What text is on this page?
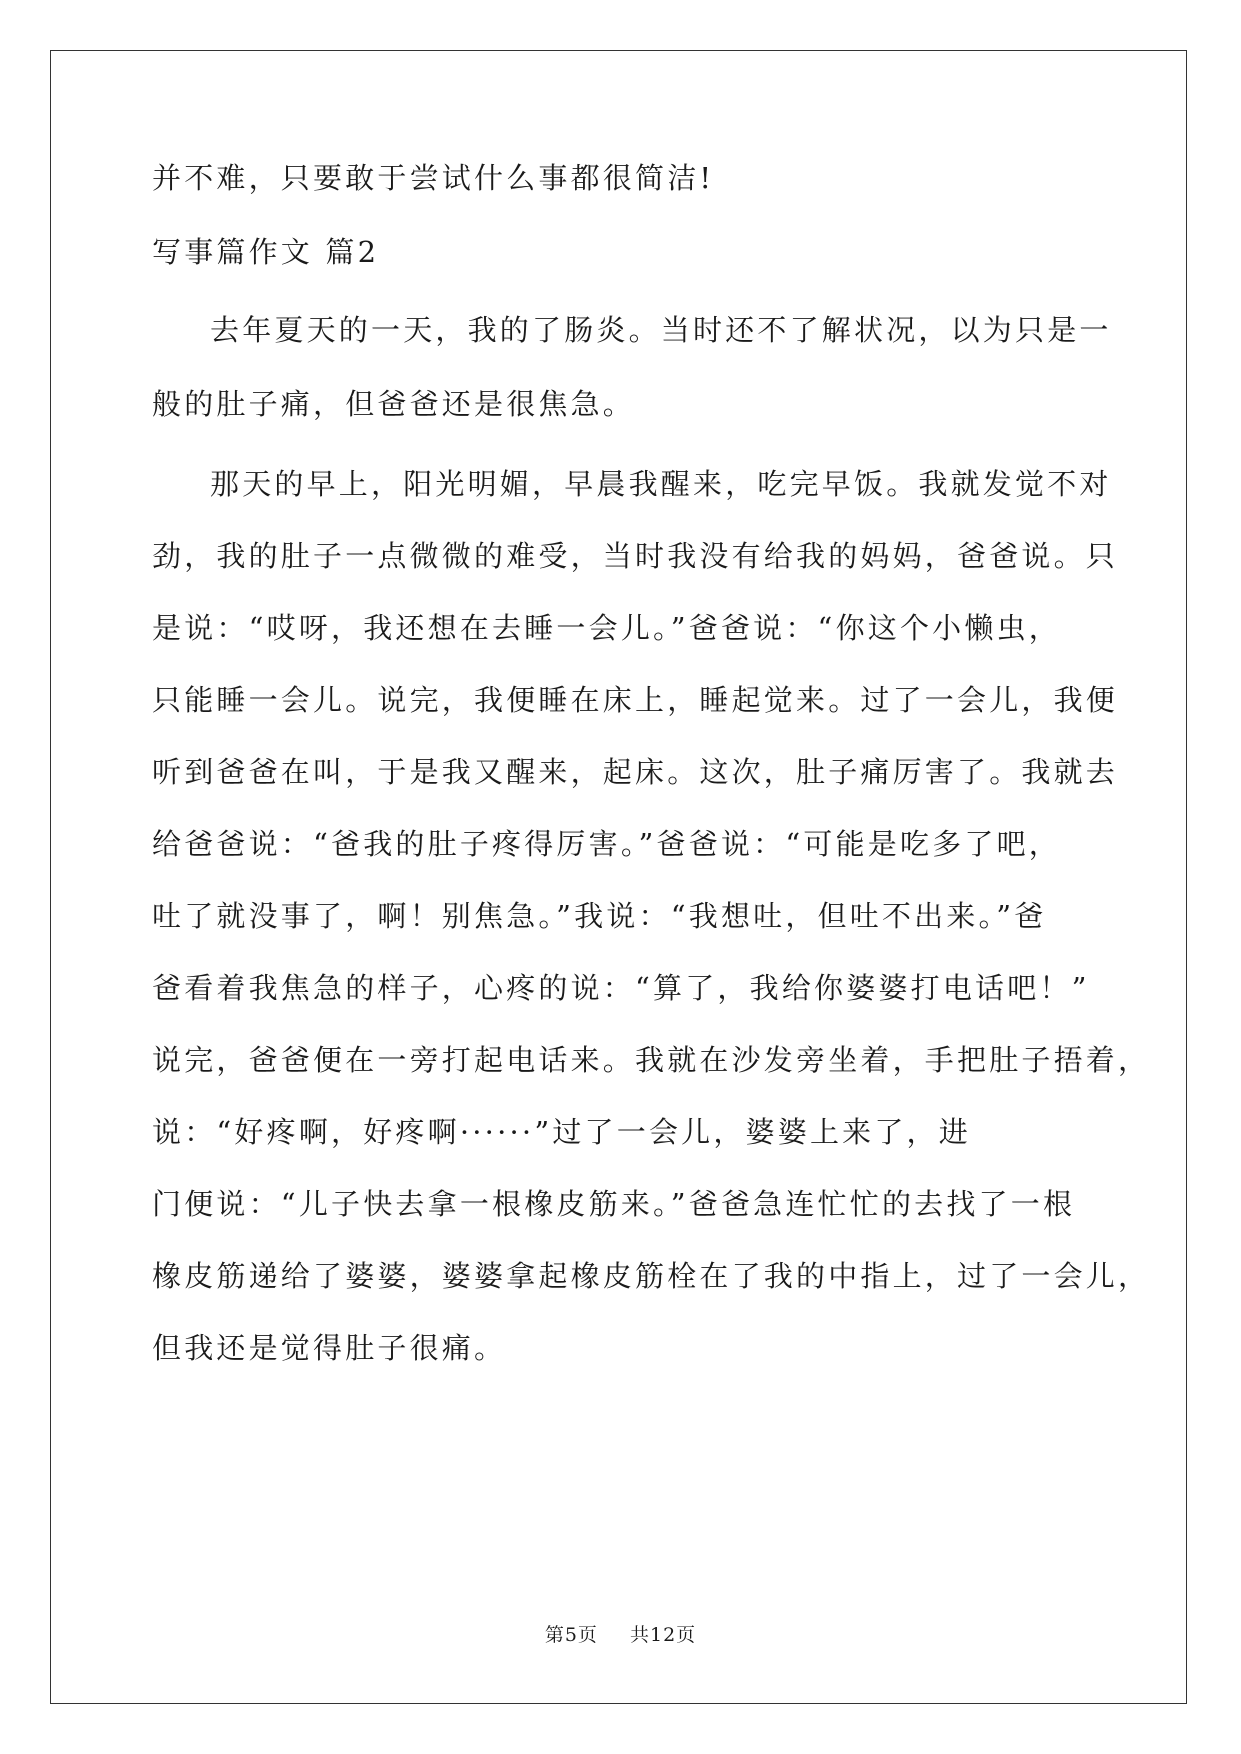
并不难，只要敢于尝试什么事都很简洁!
写事篇作文 篇2
去年夏天的一天，我的了肠炎。当时还不了解状况，以为只是一
般的肚子痛，但爸爸还是很焦急。
那天的早上，阳光明媚，早晨我醒来，吃完早饭。我就发觉不对
劲，我的肚子一点微微的难受，当时我没有给我的妈妈，爸爸说。只
是说：“哎呀，我还想在去睡一会儿。”爸爸说：“你这个小懒虫，
只能睡一会儿。说完，我便睡在床上，睡起觉来。过了一会儿，我便
听到爸爸在叫，于是我又醒来，起床。这次，肚子痛厉害了。我就去
给爸爸说：“爸我的肚子疼得厉害。”爸爸说：“可能是吃多了吧，
吐了就没事了，啊！别焦急。”我说：“我想吐，但吐不出来。”爸
爸看着我焦急的样子，心疼的说：“算了，我给你婆婆打电话吧！”
说完，爸爸便在一旁打起电话来。我就在沙发旁坐着，手把肚子捂着，
说：“好疼啊，好疼啊······”过了一会儿，婆婆上来了，进
门便说：“儿子快去拿一根橡皮筋来。”爸爸急连忙忙的去找了一根
橡皮筋递给了婆婆，婆婆拿起橡皮筋栓在了我的中指上，过了一会儿，
但我还是觉得肚子很痛。
第5页 共12页
